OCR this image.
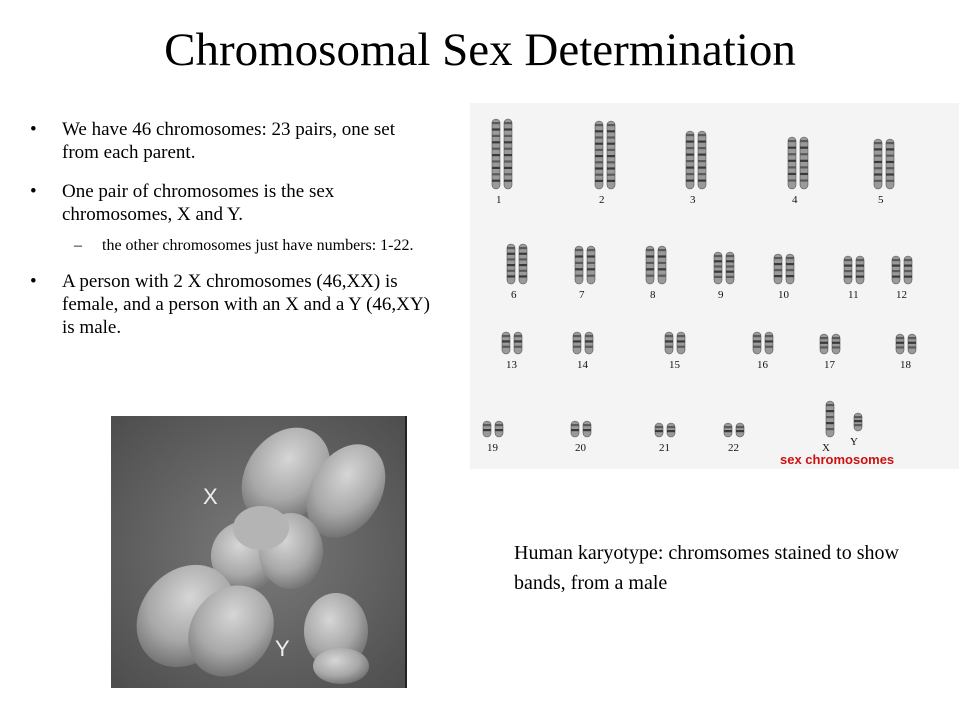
Chromosomal Sex Determination
• We have 46 chromosomes: 23 pairs, one set from each parent.
• One pair of chromosomes is the sex chromosomes, X and Y.
– the other chromosomes just have numbers: 1-22.
• A person with 2 X chromosomes (46,XX) is female, and a person with an X and a Y (46,XY) is male.
1	2	3	4	5
6	7	8	9	10	11	12
13	14	15	16	17	18
19	20	21	22	X Y
sex chromosomes
X
Y
Human karyotype: chromsomes stained to show bands, from a male
